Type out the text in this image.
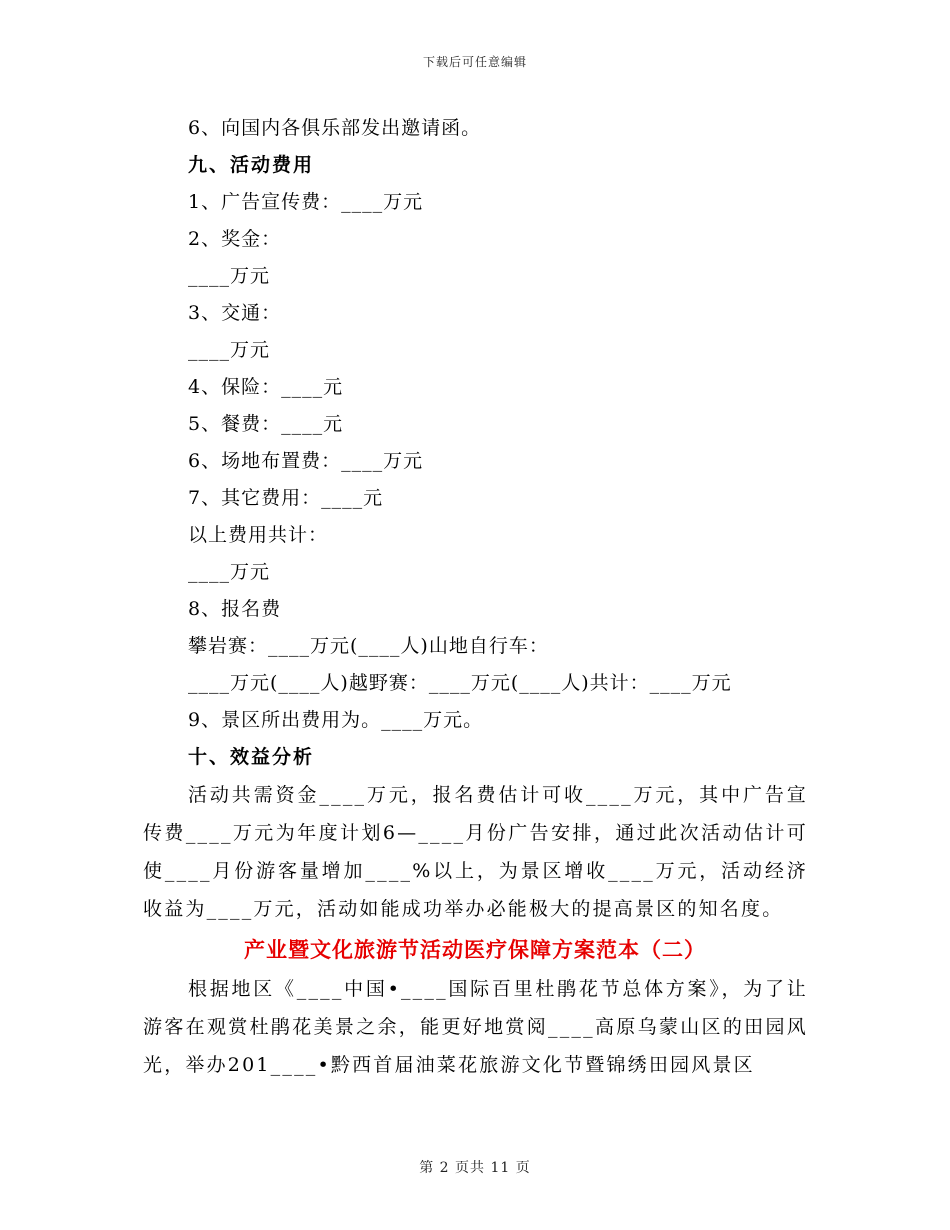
下载后可任意编辑
6、向国内各俱乐部发出邀请函。
九、活动费用
1、广告宣传费：____万元
2、奖金：
____万元
3、交通：
____万元
4、保险：____元
5、餐费：____元
6、场地布置费：____万元
7、其它费用：____元
以上费用共计：
____万元
8、报名费
攀岩赛：____万元(____人)山地自行车：
____万元(____人)越野赛：____万元(____人)共计：____万元
9、景区所出费用为。____万元。
十、效益分析

活动共需资金____万元，报名费估计可收____万元，其中广告宣传费____万元为年度计划6—____月份广告安排，通过此次活动估计可使____月份游客量增加____%以上，为景区增收____万元，活动经济收益为____万元，活动如能成功举办必能极大的提高景区的知名度。

产业暨文化旅游节活动医疗保障方案范本（二）

根据地区《____中国•____国际百里杜鹃花节总体方案》，为了让游客在观赏杜鹃花美景之余，能更好地赏阅____高原乌蒙山区的田园风光，举办201____•黔西首届油菜花旅游文化节暨锦绣田园风景区

第 2 页共 11 页
